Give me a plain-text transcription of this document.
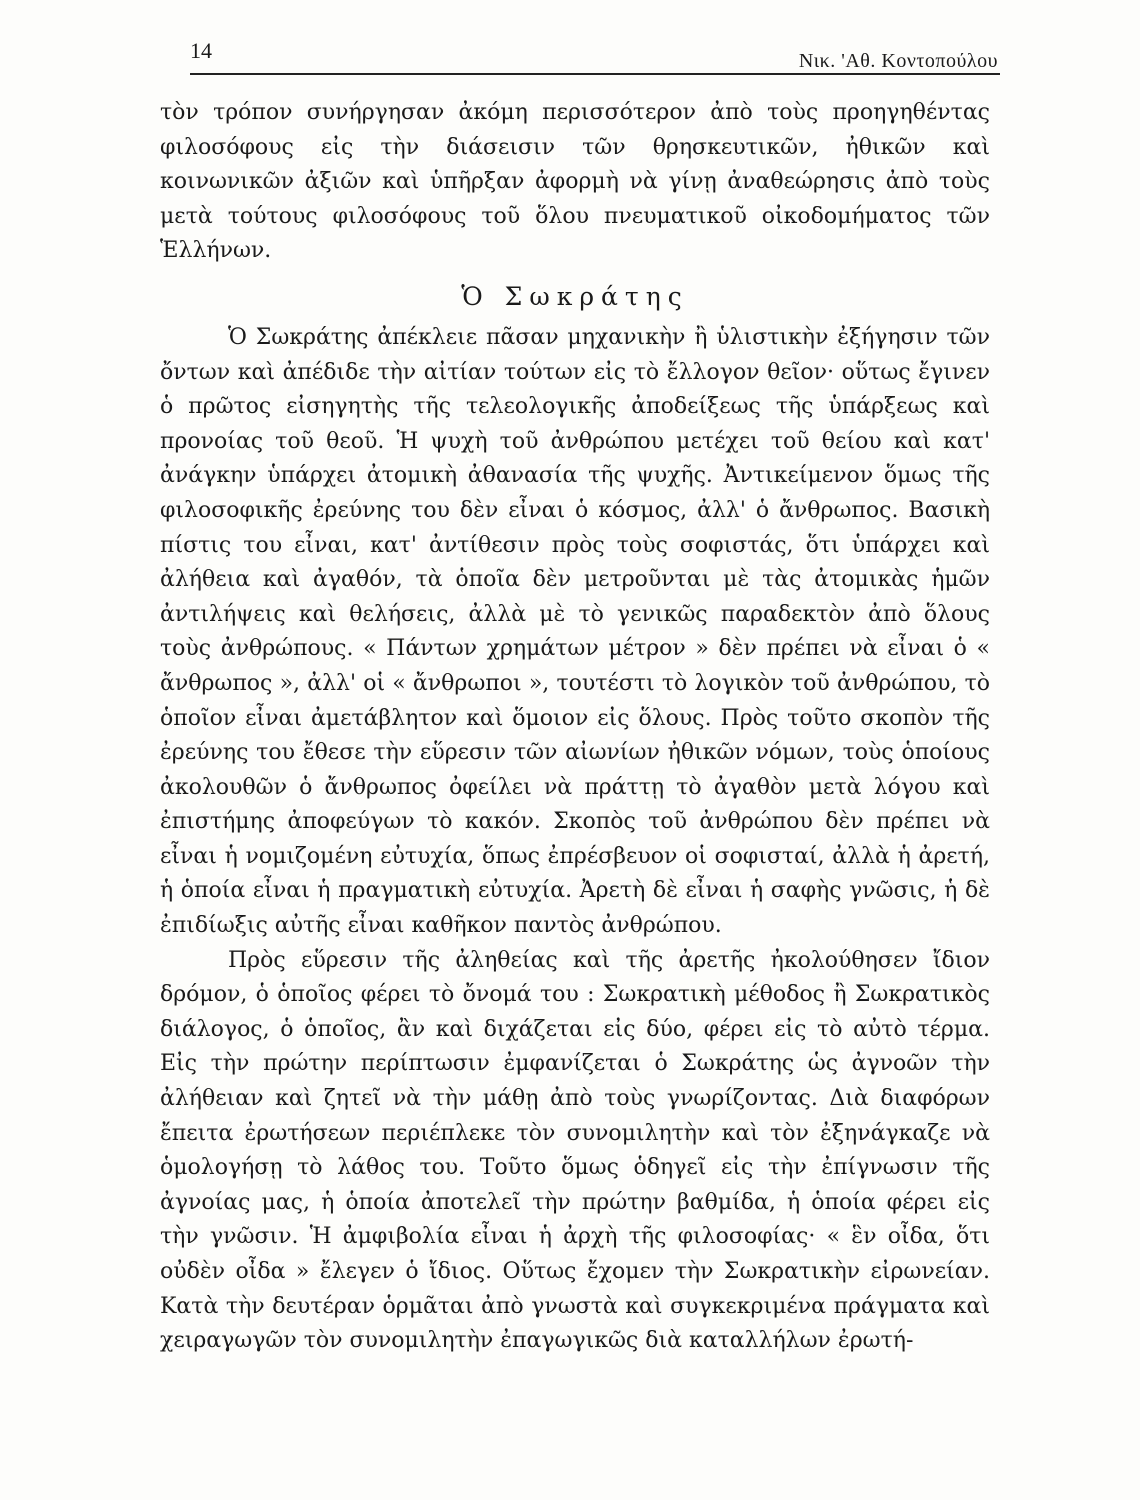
14	Νικ. 'Αθ. Κοντοπούλου

τὸν τρόπον συνήργησαν ἀκόμη περισσότερον ἀπὸ τοὺς προηγηθέντας φιλοσόφους εἰς τὴν διάσεισιν τῶν θρησκευτικῶν, ἠθικῶν καὶ κοινωνικῶν ἀξιῶν καὶ ὑπῆρξαν ἀφορμὴ νὰ γίνῃ ἀναθεώρησις ἀπὸ τοὺς μετὰ τούτους φιλοσόφους τοῦ ὅλου πνευματικοῦ οἰκοδομήματος τῶν Ἑλλήνων.

Ὁ Σωκράτης

Ὁ Σωκράτης ἀπέκλειε πᾶσαν μηχανικὴν ἢ ὑλιστικὴν ἐξήγησιν τῶν ὄντων καὶ ἀπέδιδε τὴν αἰτίαν τούτων εἰς τὸ ἔλλογον θεῖον· οὕτως ἔγινεν ὁ πρῶτος εἰσηγητὴς τῆς τελεολογικῆς ἀποδείξεως τῆς ὑπάρξεως καὶ προνοίας τοῦ θεοῦ. Ἡ ψυχὴ τοῦ ἀνθρώπου μετέχει τοῦ θείου καὶ κατ' ἀνάγκην ὑπάρχει ἀτομικὴ ἀθανασία τῆς ψυχῆς. Ἀντικείμενον ὅμως τῆς φιλοσοφικῆς ἐρεύνης του δὲν εἶναι ὁ κόσμος, ἀλλ' ὁ ἄνθρωπος. Βασικὴ πίστις του εἶναι, κατ' ἀντίθεσιν πρὸς τοὺς σοφιστάς, ὅτι ὑπάρχει καὶ ἀλήθεια καὶ ἀγαθόν, τὰ ὁποῖα δὲν μετροῦνται μὲ τὰς ἀτομικὰς ἡμῶν ἀντιλήψεις καὶ θελήσεις, ἀλλὰ μὲ τὸ γενικῶς παραδεκτὸν ἀπὸ ὅλους τοὺς ἀνθρώπους. « Πάντων χρημάτων μέτρον » δὲν πρέπει νὰ εἶναι ὁ « ἄνθρωπος », ἀλλ' οἱ « ἄνθρωποι », τουτέστι τὸ λογικὸν τοῦ ἀνθρώπου, τὸ ὁποῖον εἶναι ἀμετάβλητον καὶ ὅμοιον εἰς ὅλους. Πρὸς τοῦτο σκοπὸν τῆς ἐρεύνης του ἔθεσε τὴν εὕρεσιν τῶν αἰωνίων ἠθικῶν νόμων, τοὺς ὁποίους ἀκολουθῶν ὁ ἄνθρωπος ὀφείλει νὰ πράττῃ τὸ ἀγαθὸν μετὰ λόγου καὶ ἐπιστήμης ἀποφεύγων τὸ κακόν. Σκοπὸς τοῦ ἀνθρώπου δὲν πρέπει νὰ εἶναι ἡ νομιζομένη εὐτυχία, ὅπως ἐπρέσβευον οἱ σοφισταί, ἀλλὰ ἡ ἀρετή, ἡ ὁποία εἶναι ἡ πραγματικὴ εὐτυχία. Ἀρετὴ δὲ εἶναι ἡ σαφὴς γνῶσις, ἡ δὲ ἐπιδίωξις αὐτῆς εἶναι καθῆκον παντὸς ἀνθρώπου.

Πρὸς εὕρεσιν τῆς ἀληθείας καὶ τῆς ἀρετῆς ἠκολούθησεν ἴδιον δρόμον, ὁ ὁποῖος φέρει τὸ ὄνομά του : Σωκρατικὴ μέθοδος ἢ Σωκρατικὸς διάλογος, ὁ ὁποῖος, ἂν καὶ διχάζεται εἰς δύο, φέρει εἰς τὸ αὐτὸ τέρμα. Εἰς τὴν πρώτην περίπτωσιν ἐμφανίζεται ὁ Σωκράτης ὡς ἀγνοῶν τὴν ἀλήθειαν καὶ ζητεῖ νὰ τὴν μάθῃ ἀπὸ τοὺς γνωρίζοντας. Διὰ διαφόρων ἔπειτα ἐρωτήσεων περιέπλεκε τὸν συνομιλητὴν καὶ τὸν ἐξηνάγκαζε νὰ ὁμολογήσῃ τὸ λάθος του. Τοῦτο ὅμως ὁδηγεῖ εἰς τὴν ἐπίγνωσιν τῆς ἀγνοίας μας, ἡ ὁποία ἀποτελεῖ τὴν πρώτην βαθμίδα, ἡ ὁποία φέρει εἰς τὴν γνῶσιν. Ἡ ἀμφιβολία εἶναι ἡ ἀρχὴ τῆς φιλοσοφίας· « ἓν οἶδα, ὅτι οὐδὲν οἶδα » ἔλεγεν ὁ ἴδιος. Οὕτως ἔχομεν τὴν Σωκρατικὴν εἰρωνείαν. Κατὰ τὴν δευτέραν ὁρμᾶται ἀπὸ γνωστὰ καὶ συγκεκριμένα πράγματα καὶ χειραγωγῶν τὸν συνομιλητὴν ἐπαγωγικῶς διὰ καταλλήλων ἐρωτή-
